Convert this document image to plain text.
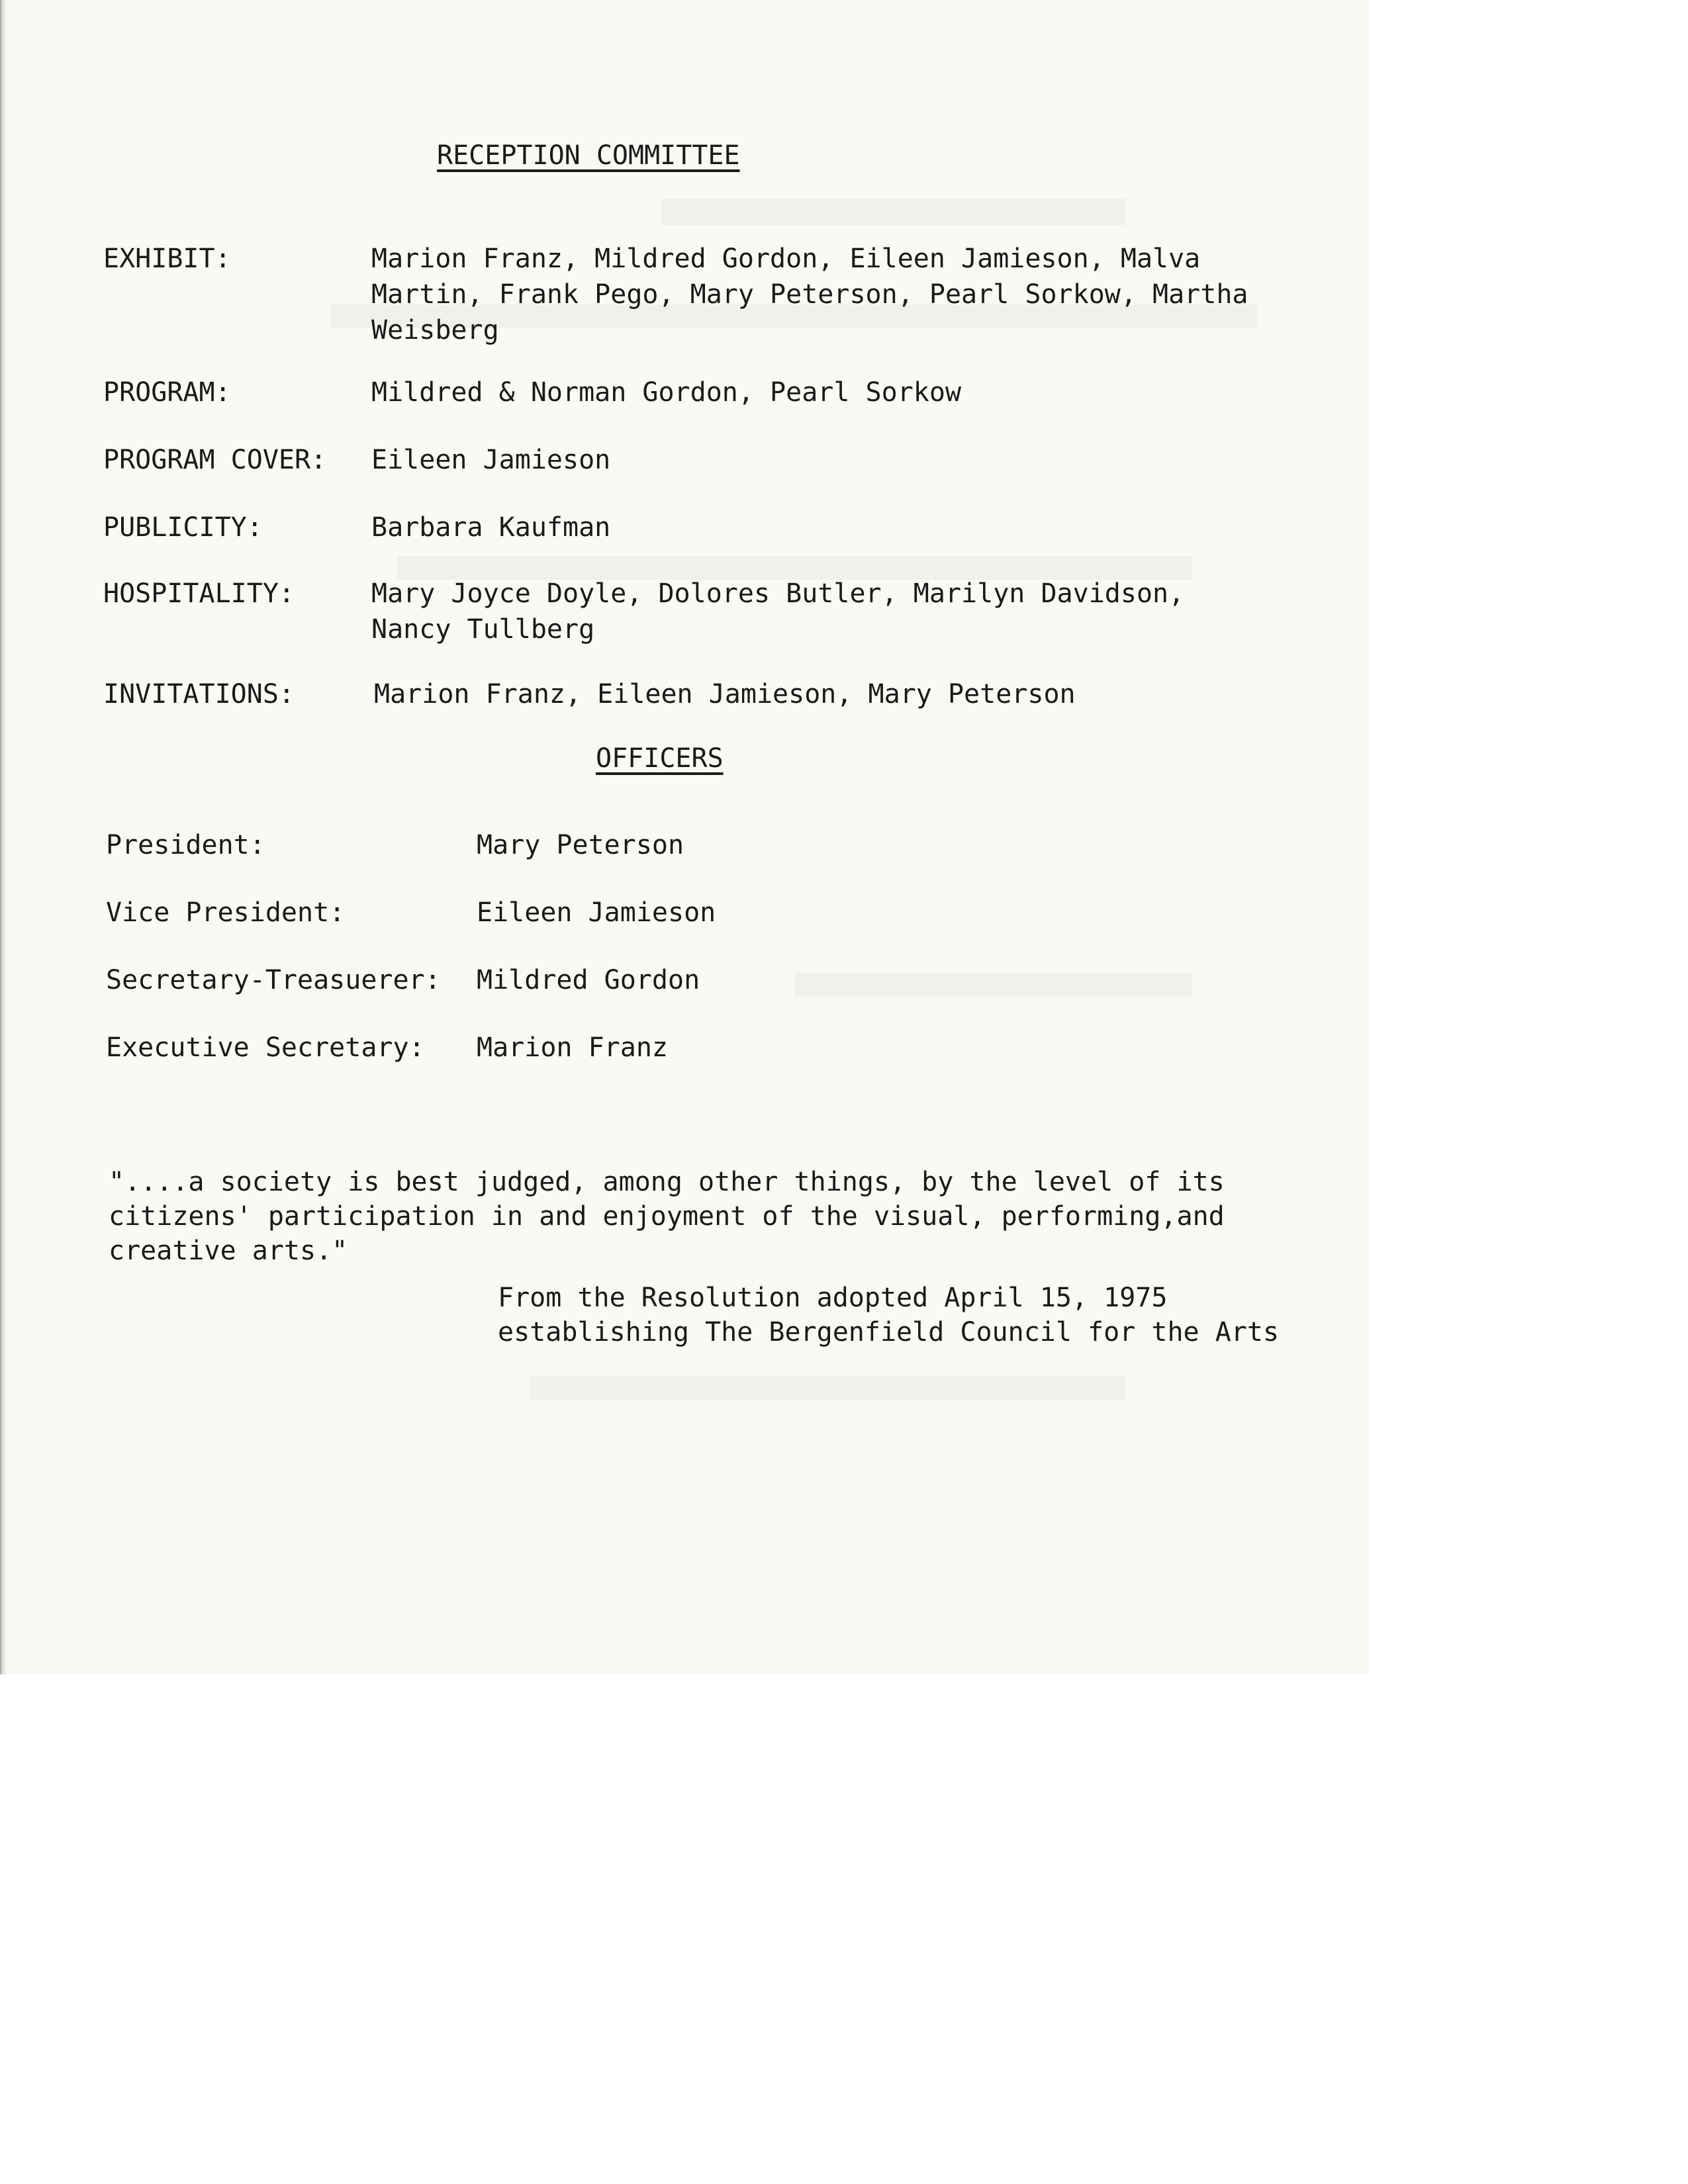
RECEPTION COMMITTEE
EXHIBIT:	Marion Franz, Mildred Gordon, Eileen Jamieson, Malva Martin, Frank Pego, Mary Peterson, Pearl Sorkow, Martha Weisberg
PROGRAM:	Mildred & Norman Gordon, Pearl Sorkow
PROGRAM COVER: Eileen Jamieson
PUBLICITY:	Barbara Kaufman
HOSPITALITY:	Mary Joyce Doyle, Dolores Butler, Marilyn Davidson, Nancy Tullberg
INVITATIONS:	Marion Franz, Eileen Jamieson, Mary Peterson
OFFICERS
President:	Mary Peterson
Vice President:	Eileen Jamieson
Secretary-Treasuerer: Mildred Gordon
Executive Secretary: Marion Franz
"....a society is best judged, among other things, by the level of its citizens' participation in and enjoyment of the visual, performing,and creative arts."
From the Resolution adopted April 15, 1975
establishing The Bergenfield Council for the Arts
